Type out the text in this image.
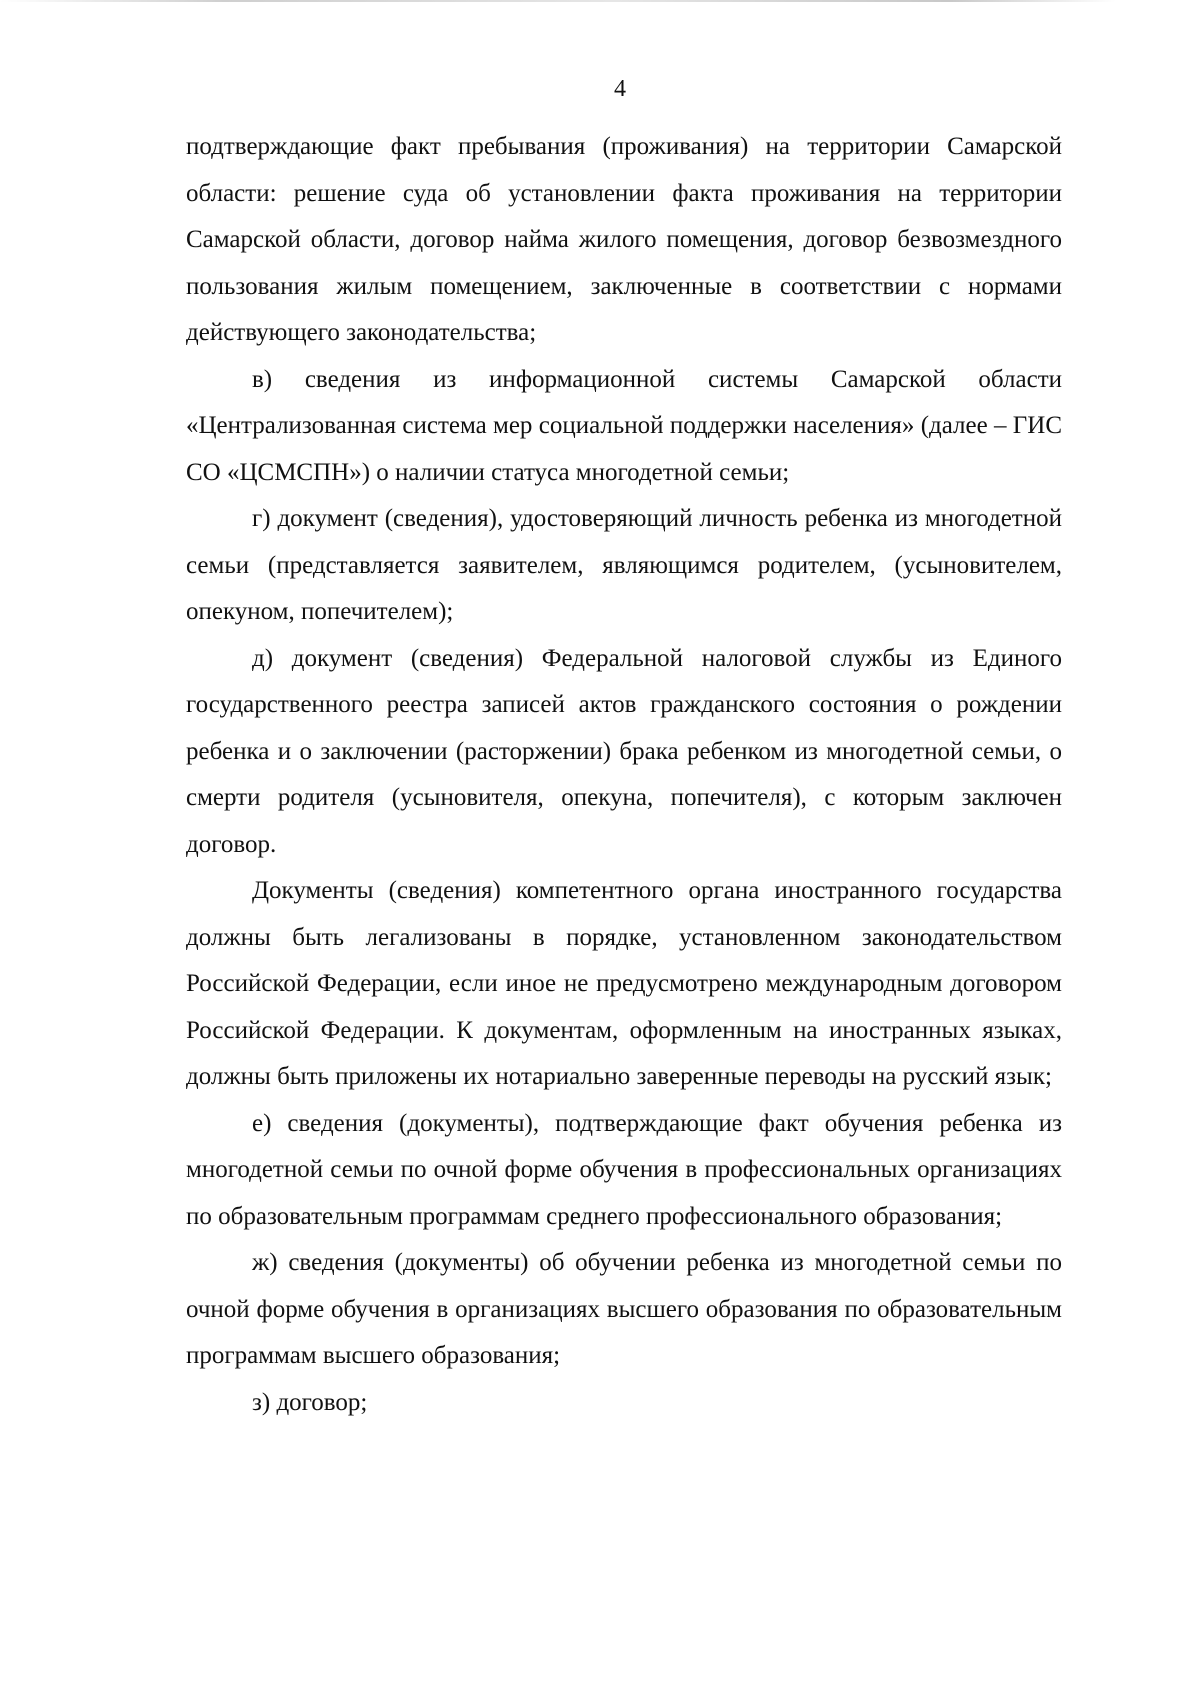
4

подтверждающие факт пребывания (проживания) на территории Самарской области: решение суда об установлении факта проживания на территории Самарской области, договор найма жилого помещения, договор безвозмездного пользования жилым помещением, заключенные в соответствии с нормами действующего законодательства;

в) сведения из информационной системы Самарской области «Централизованная система мер социальной поддержки населения» (далее – ГИС СО «ЦСМСПН») о наличии статуса многодетной семьи;

г) документ (сведения), удостоверяющий личность ребенка из многодетной семьи (представляется заявителем, являющимся родителем, (усыновителем, опекуном, попечителем);

д) документ (сведения) Федеральной налоговой службы из Единого государственного реестра записей актов гражданского состояния о рождении ребенка и о заключении (расторжении) брака ребенком из многодетной семьи, о смерти родителя (усыновителя, опекуна, попечителя), с которым заключен договор.

Документы (сведения) компетентного органа иностранного государства должны быть легализованы в порядке, установленном законодательством Российской Федерации, если иное не предусмотрено международным договором Российской Федерации. К документам, оформленным на иностранных языках, должны быть приложены их нотариально заверенные переводы на русский язык;

е) сведения (документы), подтверждающие факт обучения ребенка из многодетной семьи по очной форме обучения в профессиональных организациях по образовательным программам среднего профессионального образования;

ж) сведения (документы) об обучении ребенка из многодетной семьи по очной форме обучения в организациях высшего образования по образовательным программам высшего образования;

з) договор;
